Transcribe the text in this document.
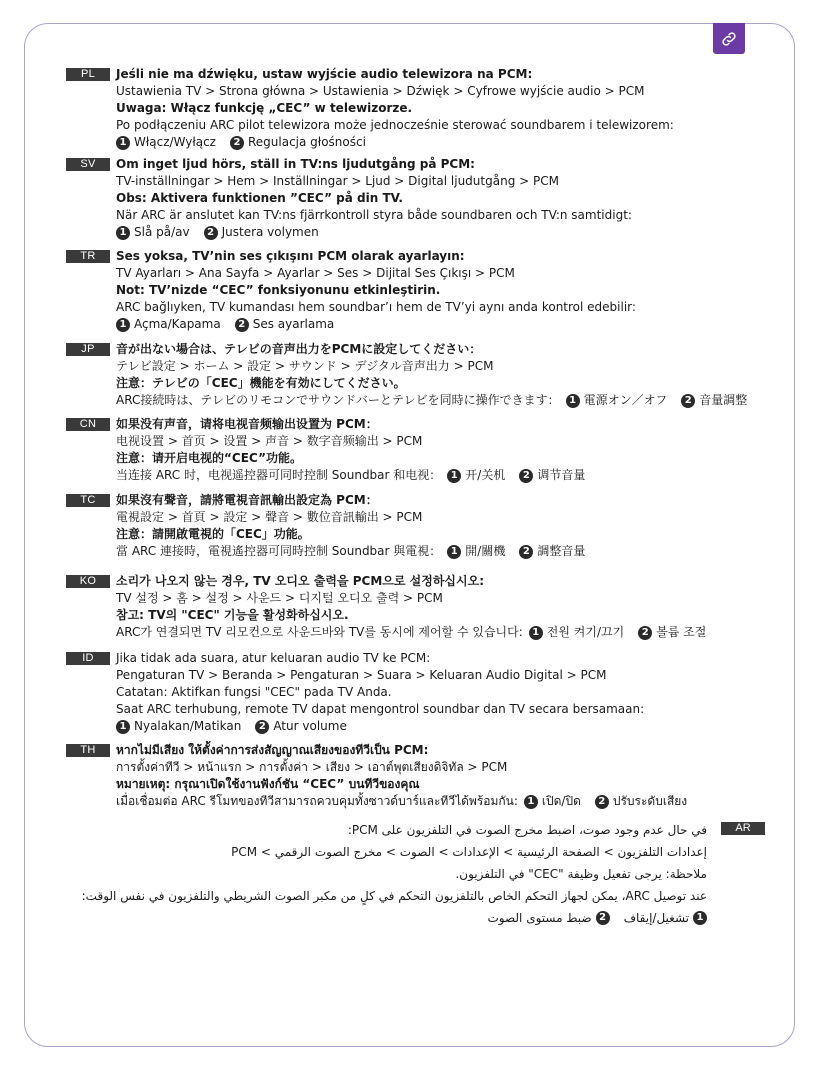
PL	Jeśli nie ma dźwięku, ustaw wyjście audio telewizora na PCM:
Ustawienia TV > Strona główna > Ustawienia > Dźwięk > Cyfrowe wyjście audio > PCM
Uwaga: Włącz funkcję „CEC” w telewizorze.
Po podłączeniu ARC pilot telewizora może jednocześnie sterować soundbarem i telewizorem:
1 Włącz/Wyłącz	2 Regulacja głośności
SV	Om inget ljud hörs, ställ in TV:ns ljudutgång på PCM:
TV-inställningar > Hem > Inställningar > Ljud > Digital ljudutgång > PCM
Obs: Aktivera funktionen ”CEC” på din TV.
När ARC är anslutet kan TV:ns fjärrkontroll styra både soundbaren och TV:n samtidigt:
1 Slå på/av	2 Justera volymen
TR	Ses yoksa, TV’nin ses çıkışını PCM olarak ayarlayın:
TV Ayarları > Ana Sayfa > Ayarlar > Ses > Dijital Ses Çıkışı > PCM
Not: TV’nizde “CEC” fonksiyonunu etkinleştirin.
ARC bağlıyken, TV kumandası hem soundbar’ı hem de TV’yi aynı anda kontrol edebilir:
1 Açma/Kapama	2 Ses ayarlama
JP	音が出ない場合は、テレビの音声出力をPCMに設定してください：
テレビ設定 > ホーム > 設定 > サウンド > デジタル音声出力 > PCM
注意：テレビの「CEC」機能を有効にしてください。
ARC接続時は、テレビのリモコンでサウンドバーとテレビを同時に操作できます： 1 電源オン／オフ	2 音量調整
CN	如果没有声音，请将电视音频输出设置为 PCM：
电视设置 > 首页 > 设置 > 声音 > 数字音频输出 > PCM
注意：请开启电视的“CEC”功能。
当连接 ARC 时，电视遥控器可同时控制 Soundbar 和电视： 1 开/关机	2 调节音量
TC	如果沒有聲音，請將電視音訊輸出設定為 PCM：
電視設定 > 首頁 > 設定 > 聲音 > 數位音訊輸出 > PCM
注意：請開啟電視的「CEC」功能。
當 ARC 連接時，電視遙控器可同時控制 Soundbar 與電視： 1 開/關機	2 調整音量
KO	소리가 나오지 않는 경우, TV 오디오 출력을 PCM으로 설정하십시오:
TV 설정 > 홈 > 설정 > 사운드 > 디지털 오디오 출력 > PCM
참고: TV의 "CEC" 기능을 활성화하십시오.
ARC가 연결되면 TV 리모컨으로 사운드바와 TV를 동시에 제어할 수 있습니다: 1 전원 켜기/끄기	2 볼륨 조절
ID	Jika tidak ada suara, atur keluaran audio TV ke PCM:
Pengaturan TV > Beranda > Pengaturan > Suara > Keluaran Audio Digital > PCM
Catatan: Aktifkan fungsi "CEC" pada TV Anda.
Saat ARC terhubung, remote TV dapat mengontrol soundbar dan TV secara bersamaan:
1 Nyalakan/Matikan	2 Atur volume
TH	หากไม่มีเสียง ให้ตั้งค่าการส่งสัญญาณเสียงของทีวีเป็น PCM:
การตั้งค่าทีวี > หน้าแรก > การตั้งค่า > เสียง > เอาต์พุตเสียงดิจิทัล > PCM
หมายเหตุ: กรุณาเปิดใช้งานฟังก์ชัน “CEC” บนทีวีของคุณ
เมื่อเชื่อมต่อ ARC รีโมทของทีวีสามารถควบคุมทั้งซาวด์บาร์และทีวีได้พร้อมกัน: 1 เปิด/ปิด	2 ปรับระดับเสียง
AR
في حال عدم وجود صوت، اضبط مخرج الصوت في التلفزيون على PCM:
إعدادات التلفزيون > الصفحة الرئيسية > الإعدادات > الصوت > مخرج الصوت الرقمي > PCM
ملاحظة: يرجى تفعيل وظيفة "CEC" في التلفزيون.
عند توصيل ARC، يمكن لجهاز التحكم الخاص بالتلفزيون التحكم في كلٍ من مكبر الصوت الشريطي والتلفزيون في نفس الوقت:
1
تشغيل/إيقاف
2
ضبط مستوى الصوت
